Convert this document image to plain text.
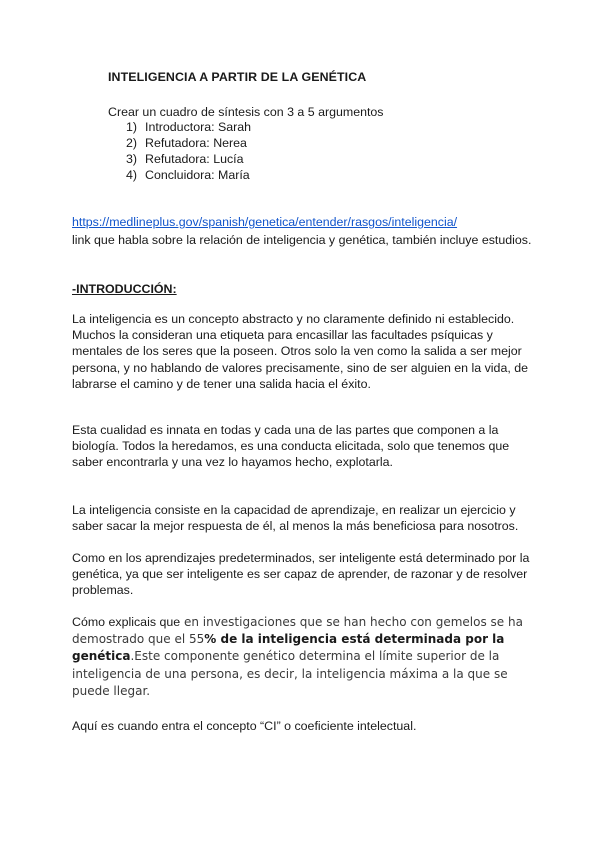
INTELIGENCIA A PARTIR DE LA GENÉTICA
Crear un cuadro de síntesis con 3 a 5 argumentos
1) Introductora: Sarah
2) Refutadora: Nerea
3) Refutadora: Lucía
4) Concluidora: María
https://medlineplus.gov/spanish/genetica/entender/rasgos/inteligencia/
link que habla sobre la relación de inteligencia y genética, también incluye estudios.
-INTRODUCCIÓN:

La inteligencia es un concepto abstracto y no claramente definido ni establecido. Muchos la consideran una etiqueta para encasillar las facultades psíquicas y mentales de los seres que la poseen. Otros solo la ven como la salida a ser mejor persona, y no hablando de valores precisamente, sino de ser alguien en la vida, de labrarse el camino y de tener una salida hacia el éxito.

Esta cualidad es innata en todas y cada una de las partes que componen a la biología. Todos la heredamos, es una conducta elicitada, solo que tenemos que saber encontrarla y una vez lo hayamos hecho, explotarla.

La inteligencia consiste en la capacidad de aprendizaje, en realizar un ejercicio y saber sacar la mejor respuesta de él, al menos la más beneficiosa para nosotros.

Como en los aprendizajes predeterminados, ser inteligente está determinado por la genética, ya que ser inteligente es ser capaz de aprender, de razonar y de resolver problemas.

Cómo explicais que en investigaciones que se han hecho con gemelos se ha demostrado que el 55% de la inteligencia está determinada por la genética.Este componente genético determina el límite superior de la inteligencia de una persona, es decir, la inteligencia máxima a la que se puede llegar.

Aquí es cuando entra el concepto “CI” o coeficiente intelectual.
